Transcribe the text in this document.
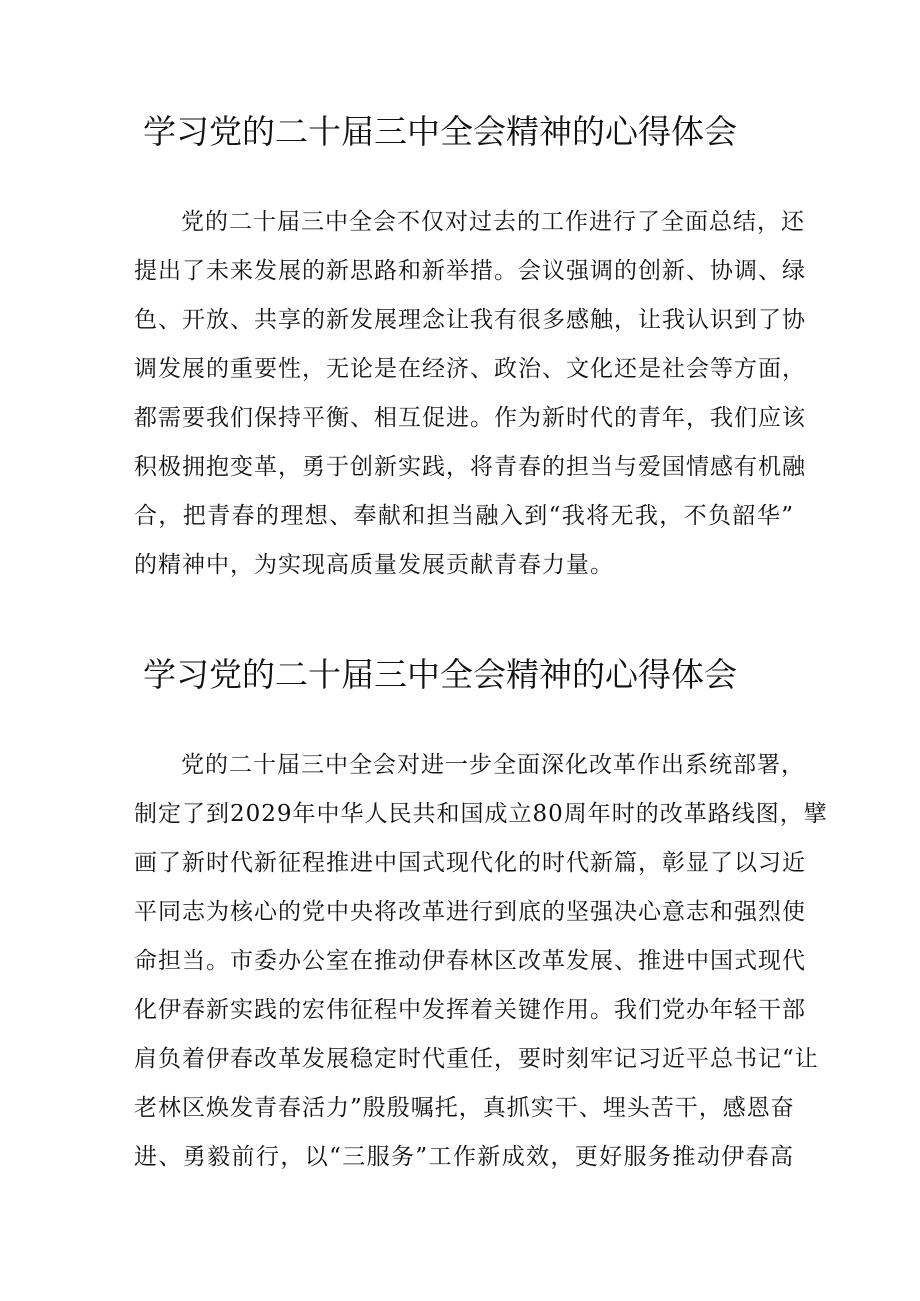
学习党的二十届三中全会精神的心得体会
党的二十届三中全会不仅对过去的工作进行了全面总结，还
提出了未来发展的新思路和新举措。会议强调的创新、协调、绿
色、开放、共享的新发展理念让我有很多感触，让我认识到了协
调发展的重要性，无论是在经济、政治、文化还是社会等方面，
都需要我们保持平衡、相互促进。作为新时代的青年，我们应该
积极拥抱变革，勇于创新实践，将青春的担当与爱国情感有机融
合，把青春的理想、奉献和担当融入到“我将无我，不负韶华”
的精神中，为实现高质量发展贡献青春力量。
学习党的二十届三中全会精神的心得体会
党的二十届三中全会对进一步全面深化改革作出系统部署，
制定了到2029年中华人民共和国成立80周年时的改革路线图，擘
画了新时代新征程推进中国式现代化的时代新篇，彰显了以习近
平同志为核心的党中央将改革进行到底的坚强决心意志和强烈使
命担当。市委办公室在推动伊春林区改革发展、推进中国式现代
化伊春新实践的宏伟征程中发挥着关键作用。我们党办年轻干部
肩负着伊春改革发展稳定时代重任，要时刻牢记习近平总书记“让
老林区焕发青春活力”殷殷嘱托，真抓实干、埋头苦干，感恩奋
进、勇毅前行，以“三服务”工作新成效，更好服务推动伊春高
